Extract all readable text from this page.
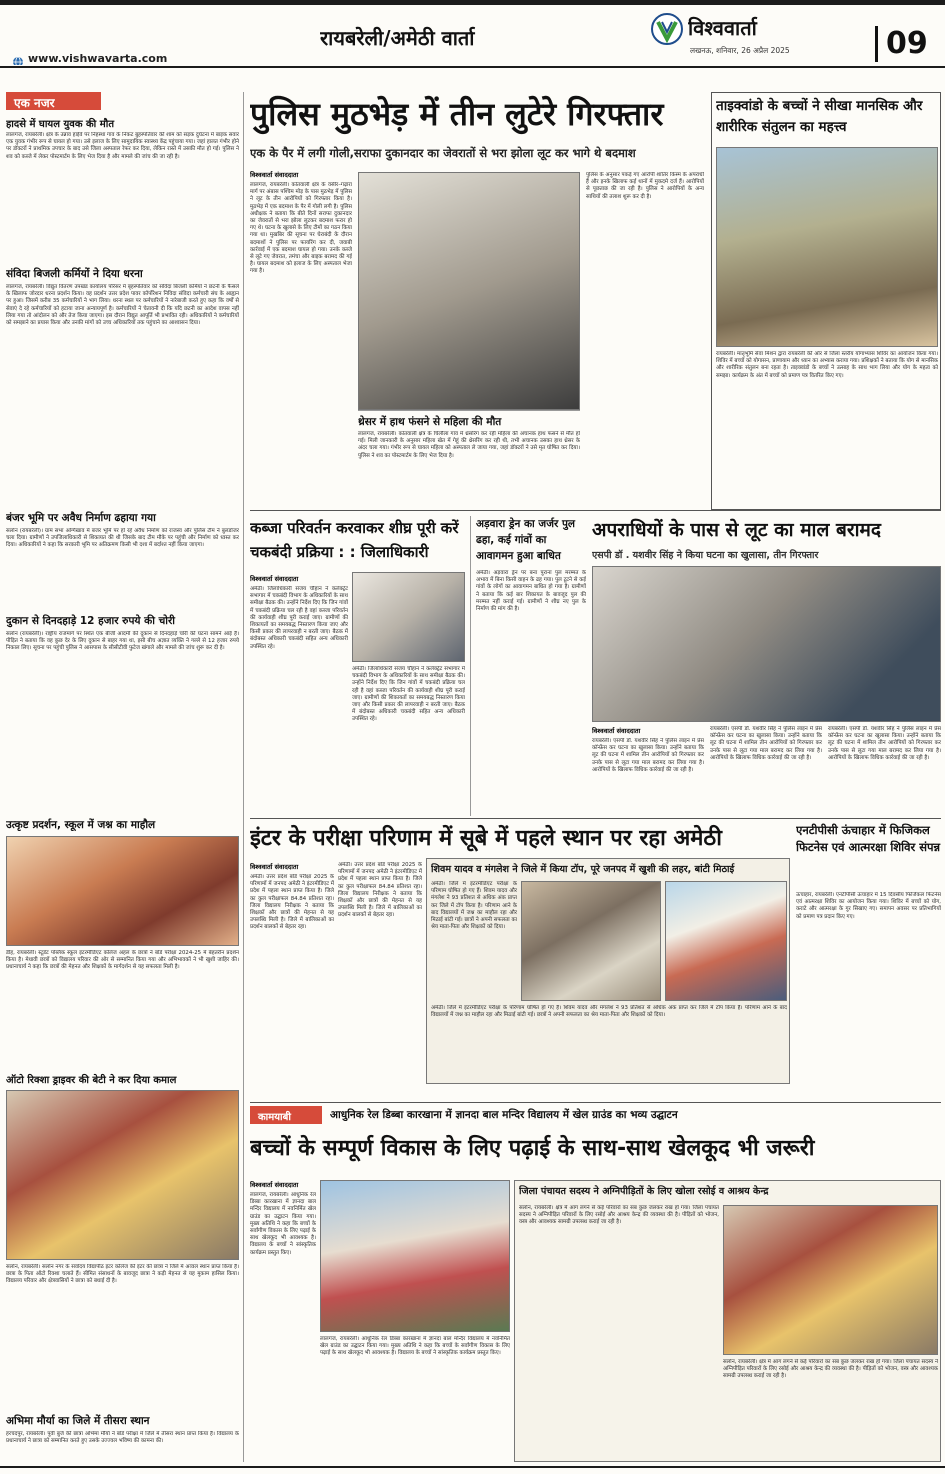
रायबरेली/अमेठी वार्ता
www.vishwavarta.com
विश्ववार्ता
लखनऊ, शनिवार, 26 अप्रैल 2025	09
एक नजर
हादसे में घायल युवक की मौत
लालगंज, रायबरेली। क्षेत्र के उन्नाव हाईवे पर निहस्था गांव के निकट बुहस्पतिवार की शाम को सड़क दुर्घटना में बाइक सवार एक युवक गंभीर रूप से घायल हो गया। उसे इलाज के लिए सामुदायिक स्वास्थ्य केंद्र पहुंचाया गया। जहां हालत गंभीर होने पर डॉक्टरों ने प्राथमिक उपचार के बाद उसे जिला अस्पताल रेफर कर दिया, लेकिन रास्ते में उसकी मौत हो गई। पुलिस ने शव को कब्जे में लेकर पोस्टमार्टम के लिए भेज दिया है और मामले की जांच की जा रही है।
संविदा बिजली कर्मियों ने दिया धरना
लालगंज, रायबरेली। विद्युत वितरण उपखंड कार्यालय परिसर में बृहस्पतिवार को संविदा बिजली कर्मियों ने छटनी के फैसले के खिलाफ जोरदार धरना प्रदर्शन किया। वह प्रदर्शन उत्तर प्रदेश पावर कॉर्पोरेशन निविदा संविदा कर्मचारी संघ के आह्वान पर हुआ। जिसमें करीब 35 कर्मचारियों ने भाग लिया। धरना स्थल पर कर्मचारियों ने नारेबाजी करते हुए कहा कि वर्षों से सेवाएं दे रहे कर्मचारियों को हटाया जाना अन्यायपूर्ण है। कर्मचारियों ने चेतावनी दी कि यदि छटनी का आदेश वापस नहीं लिया गया तो आंदोलन को और तेज किया जाएगा। इस दौरान विद्युत आपूर्ति भी प्रभावित रही। अधिकारियों ने कर्मचारियों को समझाने का प्रयास किया और उनकी मांगों को उच्च अधिकारियों तक पहुंचाने का आश्वासन दिया।
बंजर भूमि पर अवैध निर्माण ढहाया गया
सलोन (रायबरेली)। ग्राम सभा अग्गिखांव में बंजर भूमि पर हो रहे अवैध निर्माण को राजस्व और पुलिस टीम ने बुलडोजर चला दिया। ग्रामीणों ने उपजिलाधिकारी से शिकायत की थी जिसके बाद टीम मौके पर पहुंची और निर्माण को ध्वस्त कर दिया। अधिकारियों ने कहा कि सरकारी भूमि पर अतिक्रमण किसी भी दशा में बर्दाश्त नहीं किया जाएगा।
दुकान से दिनदहाड़े 12 हजार रुपये की चोरी
सलोन (रायबरेली)। राष्ट्रीय राजमार्ग पर स्थित एक बीजी आदमी की दुकान से दिनदहाड़े चोरी की घटना सामने आई है। पीड़ित ने बताया कि वह कुछ देर के लिए दुकान से बाहर गया था, इसी बीच अज्ञात व्यक्ति ने गल्ले से 12 हजार रुपये निकाल लिए। सूचना पर पहुंची पुलिस ने आसपास के सीसीटीवी फुटेज खंगाले और मामले की जांच शुरू कर दी है।
उत्कृष्ट प्रदर्शन, स्कूल में जश्न का माहौल
डीह, रायबरेली। स्टूडेंट पब्लिक स्कूल इंटरमीडिएट कॉलेज अहल के छात्रों ने बोर्ड परीक्षा 2024-25 में बेहतरीन प्रदर्शन किया है। मेधावी छात्रों को विद्यालय परिवार की ओर से सम्मानित किया गया और अभिभावकों ने भी खुशी जाहिर की। प्रधानाचार्य ने कहा कि छात्रों की मेहनत और शिक्षकों के मार्गदर्शन से यह सफलता मिली है।
ऑटो रिक्शा ड्राइवर की बेटी ने कर दिया कमाल
सलोन, रायबरेली। सलोन नगर के सर्वोदय विद्यापीठ इंटर कॉलेज की इंटर की छात्रा ने जिले में अव्वल स्थान प्राप्त किया है। छात्रा के पिता ऑटो रिक्शा चलाते हैं। सीमित संसाधनों के बावजूद छात्रा ने कड़ी मेहनत से यह मुकाम हासिल किया। विद्यालय परिवार और क्षेत्रवासियों ने छात्रा को बधाई दी है।
अभिमा मौर्या का जिले में तीसरा स्थान
हरचंदपुर, रायबरेली। पूर्वी बुर्ज की छात्रा अभिमा मौर्या ने बोर्ड परीक्षा में जिले में तीसरा स्थान प्राप्त किया है। विद्यालय के प्रधानाचार्य ने छात्रा को सम्मानित करते हुए उसके उज्ज्वल भविष्य की कामना की।
पुलिस मुठभेड़ में तीन लुटेरे गिरफ्तार
एक के पैर में लगी गोली,सराफा दुकानदार का जेवरातों से भरा झोला लूट कर भागे थे बदमाश
विश्ववार्ता संवाददाता
लालगंज, रायबरेली। कोतवाली क्षेत्र के वसीर–गढ़ारा मार्ग पर अंबास पश्चिम मोड़ के पास मुठभेड़ में पुलिस ने लूट के तीन आरोपियों को गिरफ्तार किया है। मुठभेड़ में एक बदमाश के पैर में गोली लगी है। पुलिस अधीक्षक ने बताया कि बीते दिनों सराफा दुकानदार का जेवरातों से भरा झोला लूटकर बदमाश फरार हो गए थे। घटना के खुलासे के लिए टीमों का गठन किया गया था। मुखबिर की सूचना पर घेराबंदी के दौरान बदमाशों ने पुलिस पर फायरिंग कर दी, जवाबी कार्रवाई में एक बदमाश घायल हो गया। उनके कब्जे से लूटे गए जेवरात, तमंचा और बाइक बरामद की गई है। घायल बदमाश को इलाज के लिए अस्पताल भेजा गया है।
पुलिस के अनुसार पकड़े गए आरोपी शातिर किस्म के अपराधी हैं और इनके खिलाफ कई थानों में मुकदमे दर्ज हैं। आरोपियों से पूछताछ की जा रही है। पुलिस ने आरोपियों के अन्य साथियों की तलाश शुरू कर दी है।
थ्रेसर में हाथ फंसने से महिला की मौत
लालगंज, रायबरेली। कोतवाली क्षेत्र के चिलौला गांव में थ्रेसरिंग कर रही महिला की अचानक हाथ फंसने से मौत हो गई। मिली जानकारी के अनुसार महिला खेत में गेहूं की थ्रेसरिंग कर रही थी, तभी अचानक उसका हाथ थ्रेसर के अंदर चला गया। गंभीर रूप से घायल महिला को अस्पताल ले जाया गया, जहां डॉक्टरों ने उसे मृत घोषित कर दिया। पुलिस ने शव का पोस्टमार्टम के लिए भेज दिया है।
ताइक्वांडो के बच्चों ने सीखा मानसिक और शारीरिक संतुलन का महत्त्व
रायबरेली। मातृभूमि सेवा मिशन द्वारा रायबरेली की ओर से जिला स्तरीय योगाभ्यास शिविर का आयोजन किया गया। शिविर में बच्चों को योगासन, प्राणायाम और ध्यान का अभ्यास कराया गया। प्रशिक्षकों ने बताया कि योग से मानसिक और शारीरिक संतुलन बना रहता है। ताइक्वांडो के बच्चों ने उत्साह के साथ भाग लिया और योग के महत्व को समझा। कार्यक्रम के अंत में बच्चों को प्रमाण पत्र वितरित किए गए।
कब्जा परिवर्तन करवाकर शीघ्र पूरी करें चकबंदी प्रक्रिया : : जिलाधिकारी
विश्ववार्ता संवाददाता
अमेठी। जिलाधिकारी संजय चौहान ने कलेक्ट्रेट सभागार में चकबंदी विभाग के अधिकारियों के साथ समीक्षा बैठक की। उन्होंने निर्देश दिए कि जिन गांवों में चकबंदी प्रक्रिया चल रही है वहां कब्जा परिवर्तन की कार्यवाही शीघ्र पूरी कराई जाए। ग्रामीणों की शिकायतों का समयबद्ध निस्तारण किया जाए और किसी प्रकार की लापरवाही न बरती जाए। बैठक में बंदोबस्त अधिकारी चकबंदी सहित अन्य अधिकारी उपस्थित रहे।
अमेठी। जिलाधिकारी संजय चौहान ने कलेक्ट्रेट सभागार में चकबंदी विभाग के अधिकारियों के साथ समीक्षा बैठक की। उन्होंने निर्देश दिए कि जिन गांवों में चकबंदी प्रक्रिया चल रही है वहां कब्जा परिवर्तन की कार्यवाही शीघ्र पूरी कराई जाए। ग्रामीणों की शिकायतों का समयबद्ध निस्तारण किया जाए और किसी प्रकार की लापरवाही न बरती जाए। बैठक में बंदोबस्त अधिकारी चकबंदी सहित अन्य अधिकारी उपस्थित रहे।
अड़वारा ड्रेन का जर्जर पुल ढहा, कई गांवों का आवागमन हुआ बाधित
अमेठी। अड़वारा ड्रेन पर बना पुराना पुल मरम्मत के अभाव में बिना किसी वाहन के ढह गया। पुल टूटने से कई गांवों के लोगों का आवागमन बाधित हो गया है। ग्रामीणों ने बताया कि कई बार शिकायत के बावजूद पुल की मरम्मत नहीं कराई गई। ग्रामीणों ने शीघ्र नए पुल के निर्माण की मांग की है।
अपराधियों के पास से लूट का माल बरामद
एसपी डॉ . यशवीर सिंह ने किया घटना का खुलासा, तीन गिरफ्तार
विश्ववार्ता संवाददाता
रायबरेली। एसपी डॉ. यशवीर सिंह ने पुलिस लाइन में प्रेस कॉन्फ्रेंस कर घटना का खुलासा किया। उन्होंने बताया कि लूट की घटना में शामिल तीन आरोपियों को गिरफ्तार कर उनके पास से लूटा गया माल बरामद कर लिया गया है। आरोपियों के खिलाफ विधिक कार्रवाई की जा रही है।
रायबरेली। एसपी डॉ. यशवीर सिंह ने पुलिस लाइन में प्रेस कॉन्फ्रेंस कर घटना का खुलासा किया। उन्होंने बताया कि लूट की घटना में शामिल तीन आरोपियों को गिरफ्तार कर उनके पास से लूटा गया माल बरामद कर लिया गया है। आरोपियों के खिलाफ विधिक कार्रवाई की जा रही है।
रायबरेली। एसपी डॉ. यशवीर सिंह ने पुलिस लाइन में प्रेस कॉन्फ्रेंस कर घटना का खुलासा किया। उन्होंने बताया कि लूट की घटना में शामिल तीन आरोपियों को गिरफ्तार कर उनके पास से लूटा गया माल बरामद कर लिया गया है। आरोपियों के खिलाफ विधिक कार्रवाई की जा रही है।
इंटर के परीक्षा परिणाम में सूबे में पहले स्थान पर रहा अमेठी
विश्ववार्ता संवाददाता
अमेठी। उत्तर प्रदेश बोर्ड परीक्षा 2025 के परिणामों में जनपद अमेठी ने इंटरमीडिएट में प्रदेश में पहला स्थान प्राप्त किया है। जिले का कुल परीक्षाफल 84.84 प्रतिशत रहा। जिला विद्यालय निरीक्षक ने बताया कि शिक्षकों और छात्रों की मेहनत से यह उपलब्धि मिली है। जिले में बालिकाओं का प्रदर्शन बालकों से बेहतर रहा।
अमेठी। उत्तर प्रदेश बोर्ड परीक्षा 2025 के परिणामों में जनपद अमेठी ने इंटरमीडिएट में प्रदेश में पहला स्थान प्राप्त किया है। जिले का कुल परीक्षाफल 84.84 प्रतिशत रहा। जिला विद्यालय निरीक्षक ने बताया कि शिक्षकों और छात्रों की मेहनत से यह उपलब्धि मिली है। जिले में बालिकाओं का प्रदर्शन बालकों से बेहतर रहा।
शिवम यादव व मंगलेश ने जिले में किया टॉप, पूरे जनपद में खुशी की लहर, बांटी मिठाई
अमेठी। जिले में इंटरमीडिएट परीक्षा के परिणाम घोषित हो गए हैं। शिवम यादव और मंगलेश ने 93 प्रतिशत से अधिक अंक प्राप्त कर जिले में टॉप किया है। परिणाम आने के बाद विद्यालयों में जश्न का माहौल रहा और मिठाई बांटी गई। छात्रों ने अपनी सफलता का श्रेय माता-पिता और शिक्षकों को दिया।
अमेठी। जिले में इंटरमीडिएट परीक्षा के परिणाम घोषित हो गए हैं। शिवम यादव और मंगलेश ने 93 प्रतिशत से अधिक अंक प्राप्त कर जिले में टॉप किया है। परिणाम आने के बाद विद्यालयों में जश्न का माहौल रहा और मिठाई बांटी गई। छात्रों ने अपनी सफलता का श्रेय माता-पिता और शिक्षकों को दिया।
एनटीपीसी ऊंचाहार में फिजिकल फिटनेस एवं आत्मरक्षा शिविर संपन्न
ऊंचाहार, रायबरेली। एनटीपीसी ऊंचाहार में 15 दिवसीय फिजिकल फिटनेस एवं आत्मरक्षा शिविर का आयोजन किया गया। शिविर में बच्चों को योग, कराटे और आत्मरक्षा के गुर सिखाए गए। समापन अवसर पर प्रतिभागियों को प्रमाण पत्र प्रदान किए गए।
कामयाबी	आधुनिक रेल डिब्बा कारखाना में ज्ञानदा बाल मन्दिर विद्यालय में खेल ग्राउंड का भव्य उद्घाटन
बच्चों के सम्पूर्ण विकास के लिए पढ़ाई के साथ-साथ खेलकूद भी जरूरी
विश्ववार्ता संवाददाता
लालगंज, रायबरेली। आधुनिक रेल डिब्बा कारखाना में ज्ञानदा बाल मन्दिर विद्यालय में नवनिर्मित खेल ग्राउंड का उद्घाटन किया गया। मुख्य अतिथि ने कहा कि बच्चों के सर्वांगीण विकास के लिए पढ़ाई के साथ खेलकूद भी आवश्यक है। विद्यालय के बच्चों ने सांस्कृतिक कार्यक्रम प्रस्तुत किए।
लालगंज, रायबरेली। आधुनिक रेल डिब्बा कारखाना में ज्ञानदा बाल मन्दिर विद्यालय में नवनिर्मित खेल ग्राउंड का उद्घाटन किया गया। मुख्य अतिथि ने कहा कि बच्चों के सर्वांगीण विकास के लिए पढ़ाई के साथ खेलकूद भी आवश्यक है। विद्यालय के बच्चों ने सांस्कृतिक कार्यक्रम प्रस्तुत किए।
जिला पंचायत सदस्य ने अग्निपीड़ितों के लिए खोला रसोई व आश्रय केन्द्र
सलोन, रायबरेली। क्षेत्र में आग लगने से कई परिवारों का सब कुछ जलकर राख हो गया। जिला पंचायत सदस्य ने अग्निपीड़ित परिवारों के लिए रसोई और आश्रय केन्द्र की व्यवस्था की है। पीड़ितों को भोजन, वस्त्र और आवश्यक सामग्री उपलब्ध कराई जा रही है।
सलोन, रायबरेली। क्षेत्र में आग लगने से कई परिवारों का सब कुछ जलकर राख हो गया। जिला पंचायत सदस्य ने अग्निपीड़ित परिवारों के लिए रसोई और आश्रय केन्द्र की व्यवस्था की है। पीड़ितों को भोजन, वस्त्र और आवश्यक सामग्री उपलब्ध कराई जा रही है।
